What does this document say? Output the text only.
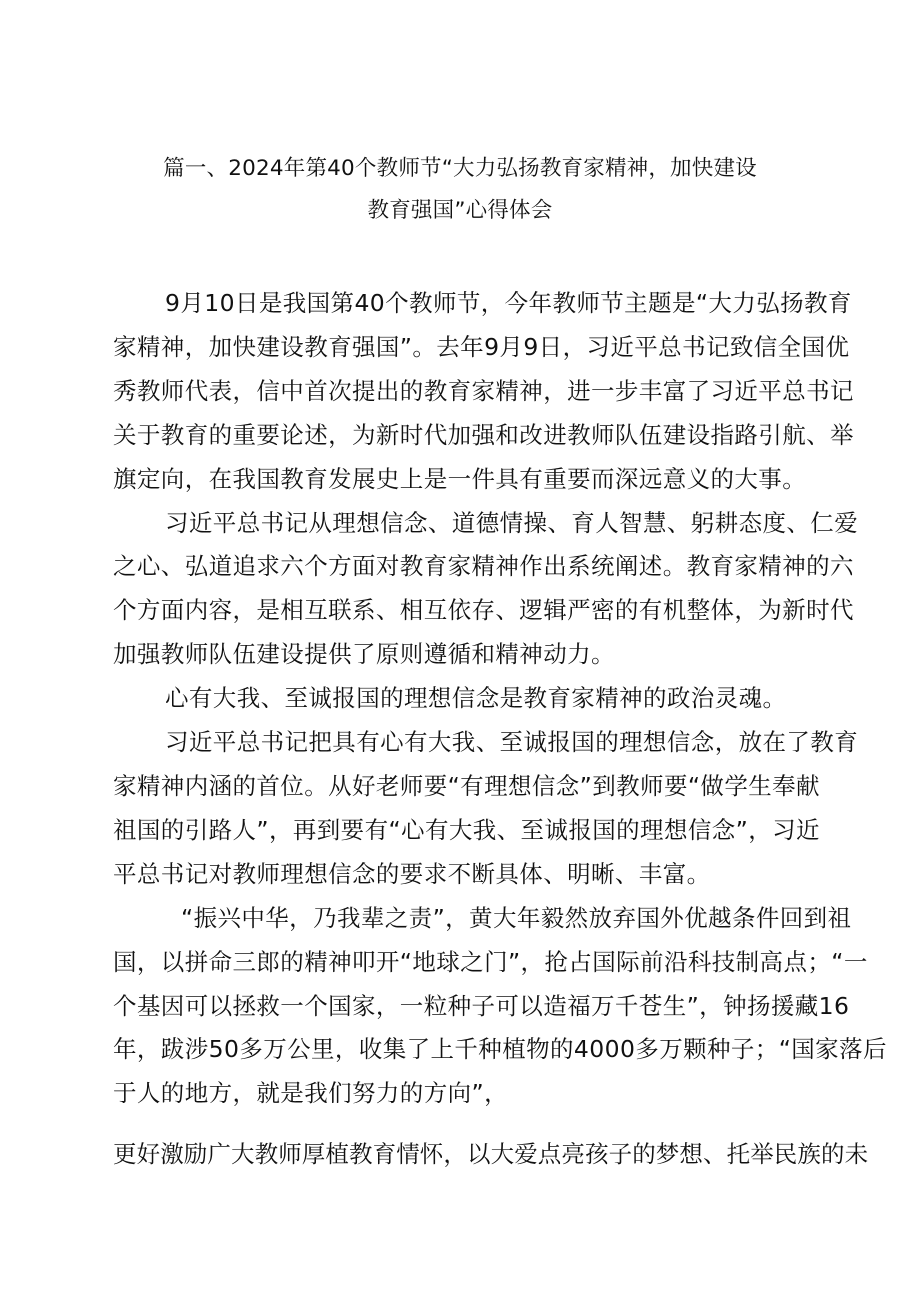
篇一、2024年第40个教师节“大力弘扬教育家精神，加快建设
教育强国”心得体会
9月10日是我国第40个教师节，今年教师节主题是“大力弘扬教育
家精神，加快建设教育强国”。去年9月9日，习近平总书记致信全国优
秀教师代表，信中首次提出的教育家精神，进一步丰富了习近平总书记
关于教育的重要论述，为新时代加强和改进教师队伍建设指路引航、举
旗定向，在我国教育发展史上是一件具有重要而深远意义的大事。
习近平总书记从理想信念、道德情操、育人智慧、躬耕态度、仁爱
之心、弘道追求六个方面对教育家精神作出系统阐述。教育家精神的六
个方面内容，是相互联系、相互依存、逻辑严密的有机整体，为新时代
加强教师队伍建设提供了原则遵循和精神动力。
心有大我、至诚报国的理想信念是教育家精神的政治灵魂。
习近平总书记把具有心有大我、至诚报国的理想信念，放在了教育
家精神内涵的首位。从好老师要“有理想信念”到教师要“做学生奉献
祖国的引路人”，再到要有“心有大我、至诚报国的理想信念”，习近
平总书记对教师理想信念的要求不断具体、明晰、丰富。
“振兴中华，乃我辈之责”，黄大年毅然放弃国外优越条件回到祖
国，以拼命三郎的精神叩开“地球之门”，抢占国际前沿科技制高点；“一
个基因可以拯救一个国家，一粒种子可以造福万千苍生”，钟扬援藏16
年，跋涉50多万公里，收集了上千种植物的4000多万颗种子；“国家落后
于人的地方，就是我们努力的方向”，
更好激励广大教师厚植教育情怀，以大爱点亮孩子的梦想、托举民族的未
